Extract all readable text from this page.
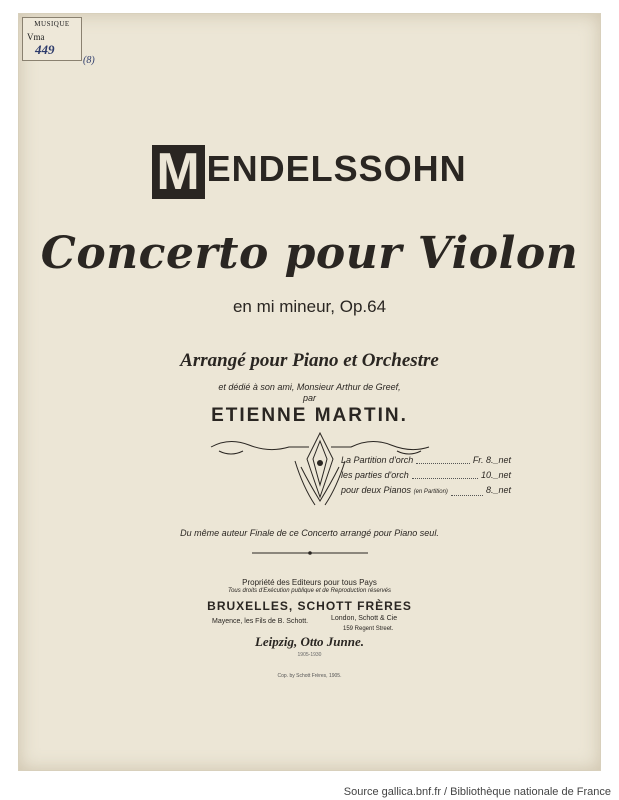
MUSIQUE
Vma
449
(8)
M ENDELSSOHN
Concerto pour Violon
en mi mineur, Op.64
Arrangé pour Piano et Orchestre
et dédié à son ami, Monsieur Arthur de Greef,
par
ETIENNE MARTIN.
La Partition d'orch	Fr. 8._net
les parties d'orch	10._net
pour deux Pianos (en Partition)	8._net
Du même auteur Finale de ce Concerto arrangé pour Piano seul.
Propriété des Editeurs pour tous Pays
Tous droits d'Exécution publique et de Reproduction réservés
BRUXELLES, SCHOTT FRÈRES
Mayence, les Fils de B. Schott.	London, Schott & Cie
159 Regent Street.
Leipzig, Otto Junne.
1905-1930
Cop. by Schott Frères, 1905.
Source gallica.bnf.fr / Bibliothèque nationale de France
